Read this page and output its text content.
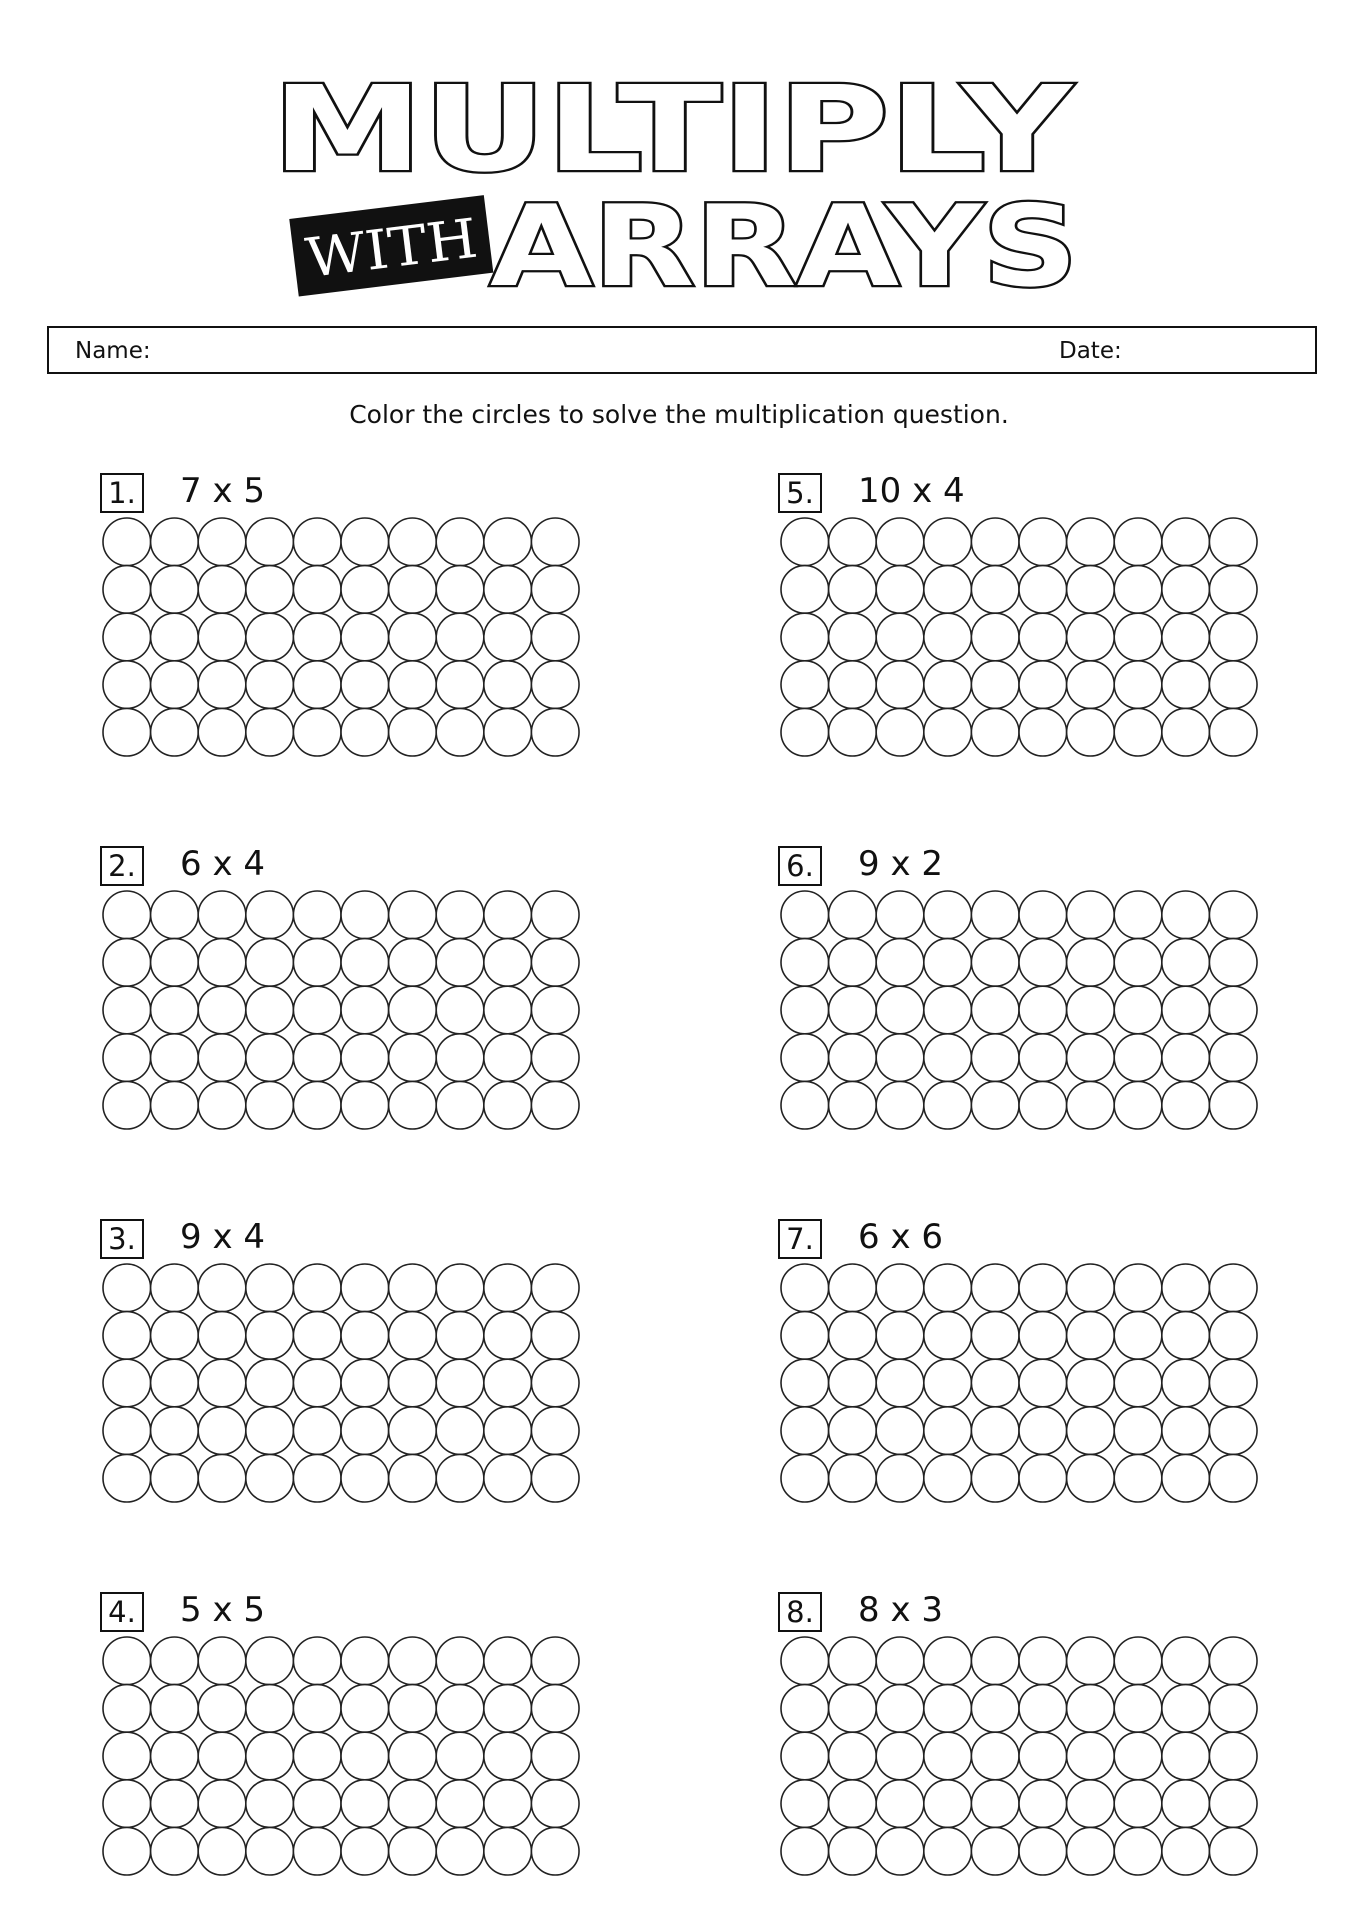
MULTIPLY
WITH ARRAYS
Name:	Date:
Color the circles to solve the multiplication question.
1. 7 x 5
2. 6 x 4
3. 9 x 4
4. 5 x 5
5. 10 x 4
6. 9 x 2
7. 6 x 6
8. 8 x 3
